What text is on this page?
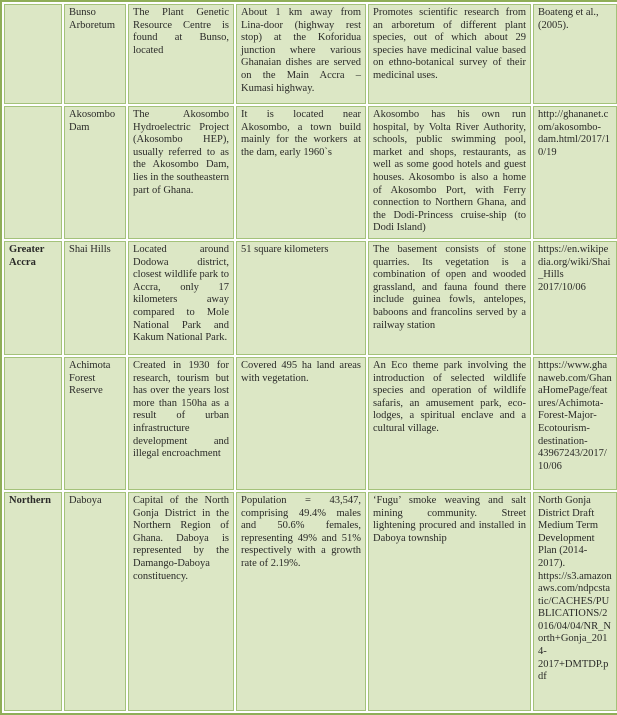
	Bunso Arboretum	The Plant Genetic Resource Centre is found at Bunso, located	About 1 km away from Lina-door (highway rest stop) at the Koforidua junction where various Ghanaian dishes are served on the Main Accra – Kumasi highway.	Promotes scientific research from an arboretum of different plant species, out of which about 29 species have medicinal value based on ethno-botanical survey of their medicinal uses.	Boateng et al., (2005).
	Akosombo Dam	The Akosombo Hydroelectric Project (Akosombo HEP), usually referred to as the Akosombo Dam, lies in the southeastern part of Ghana.	It is located near Akosombo, a town build mainly for the workers at the dam, early 1960`s	Akosombo has his own run hospital, by Volta River Authority, schools, public swimming pool, market and shops, restaurants, as well as some good hotels and guest houses. Akosombo is also a home of Akosombo Port, with Ferry connection to Northern Ghana, and the Dodi-Princess cruise-ship (to Dodi Island)	http://ghananet.com/akosombo-dam.html/2017/10/19
Greater Accra	Shai Hills	Located around Dodowa district, closest wildlife park to Accra, only 17 kilometers away compared to Mole National Park and Kakum National Park.	51 square kilometers	The basement consists of stone quarries. Its vegetation is a combination of open and wooded grassland, and fauna found there include guinea fowls, antelopes, baboons and francolins served by a railway station	https://en.wikipedia.org/wiki/Shai_Hills 2017/10/06
	Achimota Forest Reserve	Created in 1930 for research, tourism but has over the years lost more than 150ha as a result of urban infrastructure development and illegal encroachment	Covered 495 ha land areas with vegetation.	An Eco theme park involving the introduction of selected wildlife species and operation of wildlife safaris, an amusement park, eco-lodges, a spiritual enclave and a cultural village.	https://www.ghanaweb.com/GhanaHomePage/features/Achimota-Forest-Major-Ecotourism-destination-43967243/2017/10/06
Northern	Daboya	Capital of the North Gonja District in the Northern Region of Ghana. Daboya is represented by the Damango-Daboya constituency.	Population = 43,547, comprising 49.4% males and 50.6% females, representing 49% and 51% respectively with a growth rate of 2.19%.	‘Fugu’ smoke weaving and salt mining community. Street lightening procured and installed in Daboya township	North Gonja District Draft Medium Term Development Plan (2014-2017). https://s3.amazonaws.com/ndpcstatic/CACHES/PUBLICATIONS/2016/04/04/NR_North+Gonja_2014-2017+DMTDP.pdf
